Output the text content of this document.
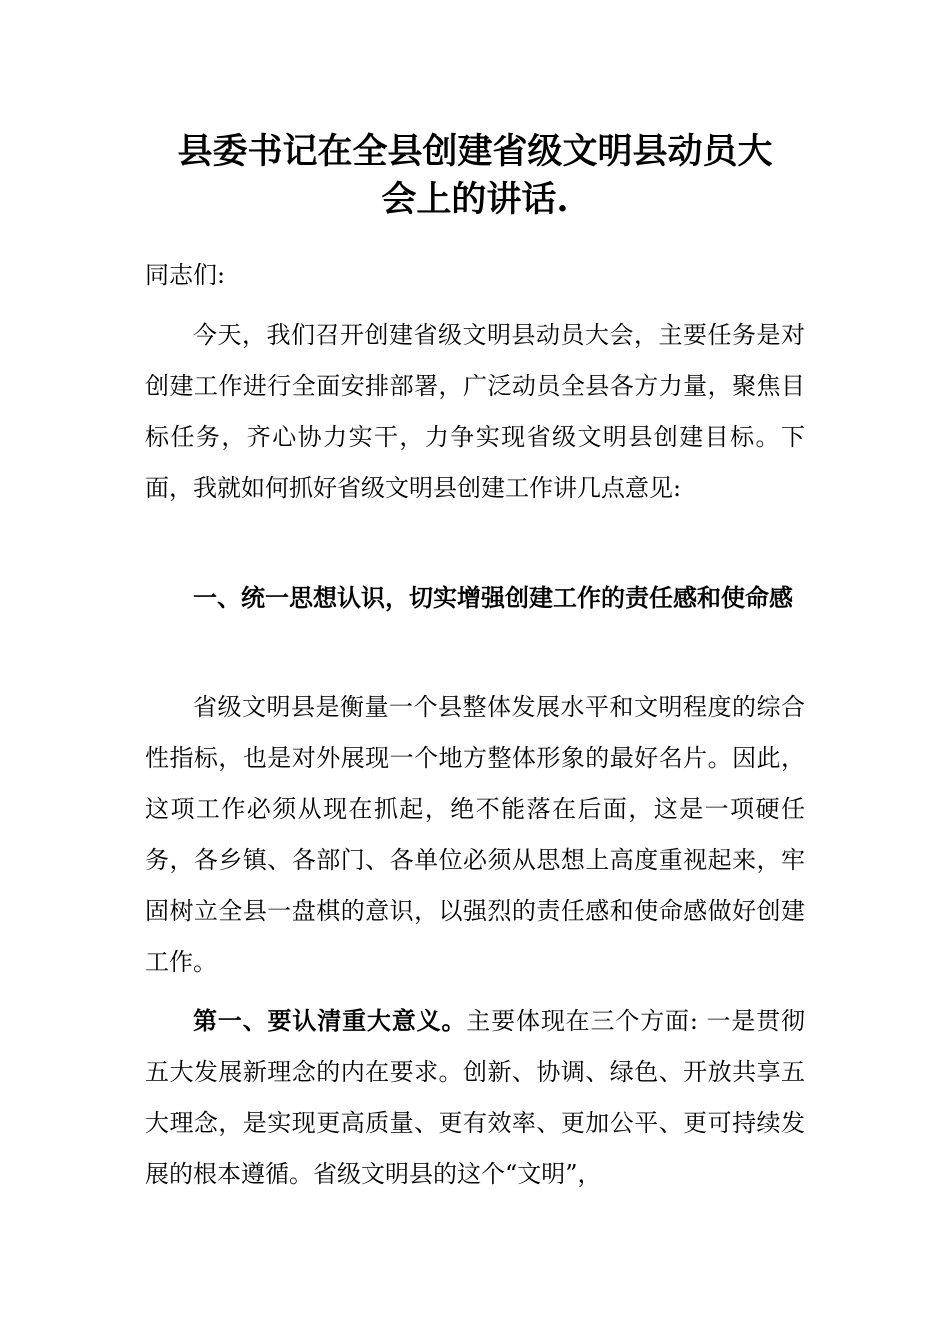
县委书记在全县创建省级文明县动员大
会上的讲话.
同志们:
今天，我们召开创建省级文明县动员大会，主要任务是对创建工作进行全面安排部署，广泛动员全县各方力量，聚焦目标任务，齐心协力实干，力争实现省级文明县创建目标。下面，我就如何抓好省级文明县创建工作讲几点意见:
一、统一思想认识，切实增强创建工作的责任感和使命感
省级文明县是衡量一个县整体发展水平和文明程度的综合性指标，也是对外展现一个地方整体形象的最好名片。因此，这项工作必须从现在抓起，绝不能落在后面，这是一项硬任务，各乡镇、各部门、各单位必须从思想上高度重视起来，牢固树立全县一盘棋的意识，以强烈的责任感和使命感做好创建工作。
第一、要认清重大意义。主要体现在三个方面: 一是贯彻五大发展新理念的内在要求。创新、协调、绿色、开放共享五大理念，是实现更高质量、更有效率、更加公平、更可持续发展的根本遵循。省级文明县的这个“文明”，
